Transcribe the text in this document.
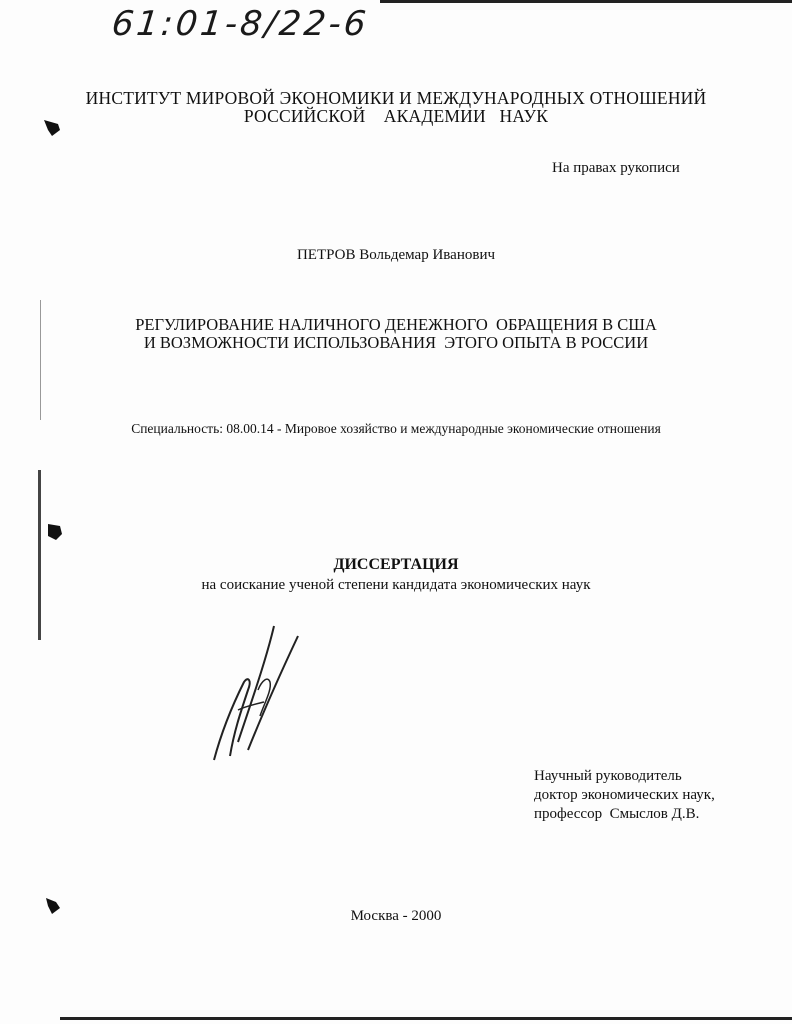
61:01-8/22-6
ИНСТИТУТ МИРОВОЙ ЭКОНОМИКИ И МЕЖДУНАРОДНЫХ ОТНОШЕНИЙ
РОССИЙСКОЙ    АКАДЕМИИ   НАУК
На правах рукописи
ПЕТРОВ Вольдемар Иванович
РЕГУЛИРОВАНИЕ НАЛИЧНОГО ДЕНЕЖНОГО  ОБРАЩЕНИЯ В США
И ВОЗМОЖНОСТИ ИСПОЛЬЗОВАНИЯ  ЭТОГО ОПЫТА В РОССИИ
Специальность: 08.00.14 - Мировое хозяйство и международные экономические отношения
ДИССЕРТАЦИЯ
на соискание ученой степени кандидата экономических наук
Научный руководитель
доктор экономических наук,
профессор  Смыслов Д.В.
Москва - 2000
